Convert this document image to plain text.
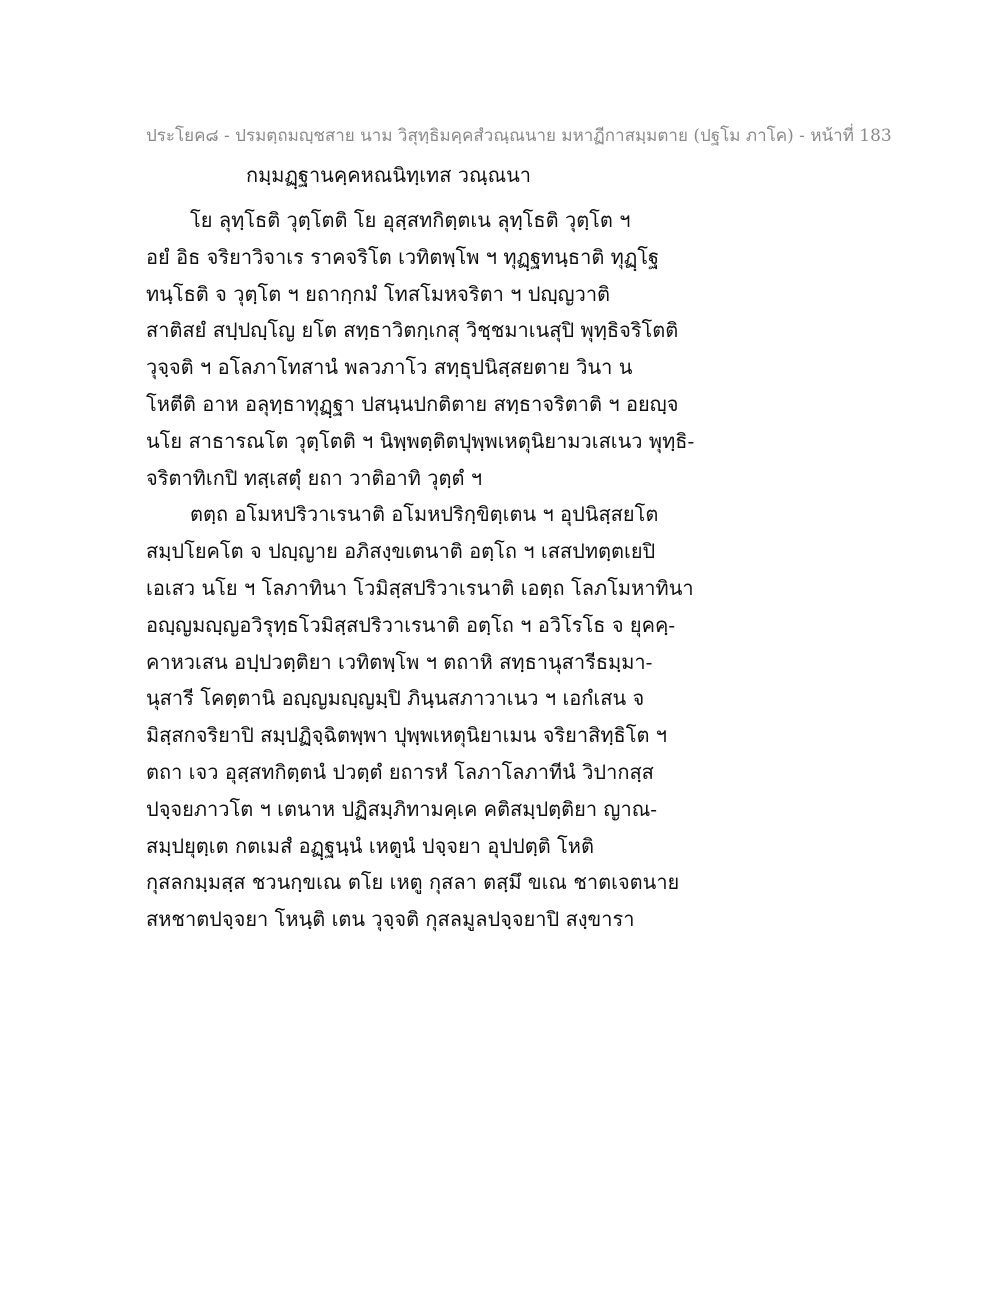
ประโยค๘ - ปรมตฺถมญฺชสาย นาม วิสุทฺธิมคฺคสํวณฺณนาย มหาฏีกาสมฺมตาย (ปฐโม ภาโค) - หน้าที่ 183
กมฺมฏฺฐานคฺคหณนิทฺเทส วณฺณนา
โย ลุทฺโธติ วุตฺโตติ โย อุสฺสทกิตฺตเน ลุทฺโธติ วุตฺโต ฯ
อยํ อิธ จริยาวิจาเร ราคจริโต เวทิตพฺโพ ฯ ทุฏฺฐทนฺธาติ ทุฏฺโฐ
ทนฺโธติ จ วุตฺโต ฯ ยถากฺกมํ โทสโมหจริตา ฯ ปญฺญวาติ
สาติสยํ สปฺปญฺโญ ยโต สทฺธาวิตกฺเกสุ วิชฺชมาเนสุปิ พุทฺธิจริโตติ
วุจฺจติ ฯ อโลภาโทสานํ พลวภาโว สทฺธุปนิสฺสยตาย วินา น
โหตีติ อาห อลุทฺธาทุฏฺฐา ปสนฺนปกติตาย สทฺธาจริตาติ ฯ อยญฺจ
นโย สาธารณโต วุตฺโตติ ฯ นิพฺพตฺติตปุพฺพเหตุนิยามวเสเนว พุทฺธิ-
จริตาทิเกปิ ทสฺเสตุํ ยถา วาติอาทิ วุตฺตํ ฯ
ตตฺถ อโมหปริวาเรนาติ อโมหปริกฺขิตฺเตน ฯ อุปนิสฺสยโต
สมฺปโยคโต จ ปญฺญาย อภิสงฺขเตนาติ อตฺโถ ฯ เสสปทตฺตเยปิ
เอเสว นโย ฯ โลภาทินา โวมิสฺสปริวาเรนาติ เอตฺถ โลภโมหาทินา
อญฺญมญฺญอวิรุทฺธโวมิสฺสปริวาเรนาติ อตฺโถ ฯ อวิโรโธ จ ยุคคฺ-
คาหวเสน อปฺปวตฺติยา เวทิตพฺโพ ฯ ตถาหิ สทฺธานุสารีธมฺมา-
นุสารี โคตฺตานิ อญฺญมญฺญมฺปิ ภินฺนสภาวาเนว ฯ เอกํเสน จ
มิสฺสกจริยาปิ สมฺปฏิจฺฉิตพฺพา ปุพฺพเหตุนิยาเมน จริยาสิทฺธิโต ฯ
ตถา เจว อุสฺสทกิตฺตนํ ปวตฺตํ ยถารหํ โลภาโลภาทีนํ วิปากสฺส
ปจฺจยภาวโต ฯ เตนาห ปฏิสมฺภิทามคฺเค คติสมฺปตฺติยา ญาณ-
สมฺปยุตฺเต กตเมสํ อฏฺฐนฺนํ เหตูนํ ปจฺจยา อุปปตฺติ โหติ
กุสลกมฺมสฺส ชวนกฺขเณ ตโย เหตู กุสลา ตสฺมึ ขเณ ชาตเจตนาย
สหชาตปจฺจยา โหนฺติ เตน วุจฺจติ กุสลมูลปจฺจยาปิ สงฺขารา
